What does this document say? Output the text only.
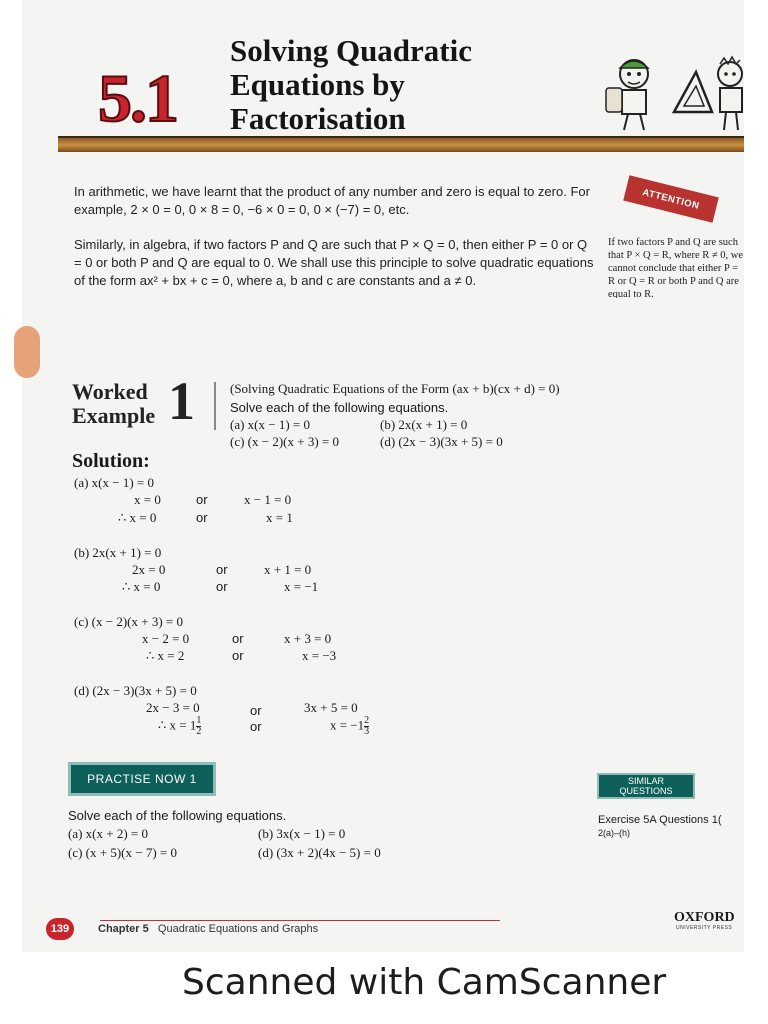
5.1
Solving Quadratic
Equations by
Factorisation
In arithmetic, we have learnt that the product of any number and zero is equal to zero. For example, 2 × 0 = 0, 0 × 8 = 0, −6 × 0 = 0, 0 × (−7) = 0, etc.
Similarly, in algebra, if two factors P and Q are such that P × Q = 0, then either P = 0 or Q = 0 or both P and Q are equal to 0. We shall use this principle to solve quadratic equations of the form ax² + bx + c = 0, where a, b and c are constants and a ≠ 0.
ATTENTION
If two factors P and Q are such that P × Q = R, where R ≠ 0, we cannot conclude that either P = R or Q = R or both P and Q are equal to R.
Worked
Example 1	(Solving Quadratic Equations of the Form (ax + b)(cx + d) = 0)
Solve each of the following equations.
(a) x(x − 1) = 0	(b) 2x(x + 1) = 0
(c) (x − 2)(x + 3) = 0	(d) (2x − 3)(3x + 5) = 0
Solution:
(a) x(x − 1) = 0
x = 0	or	x − 1 = 0
∴ x = 0	or	x = 1
(b) 2x(x + 1) = 0
2x = 0	or	x + 1 = 0
∴ x = 0	or	x = −1
(c) (x − 2)(x + 3) = 0
x − 2 = 0	or	x + 3 = 0
∴ x = 2	or	x = −3
(d) (2x − 3)(3x + 5) = 0
2x − 3 = 0	or	3x + 5 = 0
∴ $x = 1 \frac{1}{2}$	or	$x = -1 \frac{2}{3}$
PRACTISE NOW 1	SIMILAR
QUESTIONS
Solve each of the following equations.
(a) x(x + 2) = 0	(b) 3x(x − 1) = 0
(c) (x + 5)(x − 7) = 0	(d) (3x + 2)(4x − 5) = 0
Exercise 5A Questions 1(
2(a)–(h)
139	Chapter 5 Quadratic Equations and Graphs
OXFORD
UNIVERSITY PRESS
Scanned with CamScanner
